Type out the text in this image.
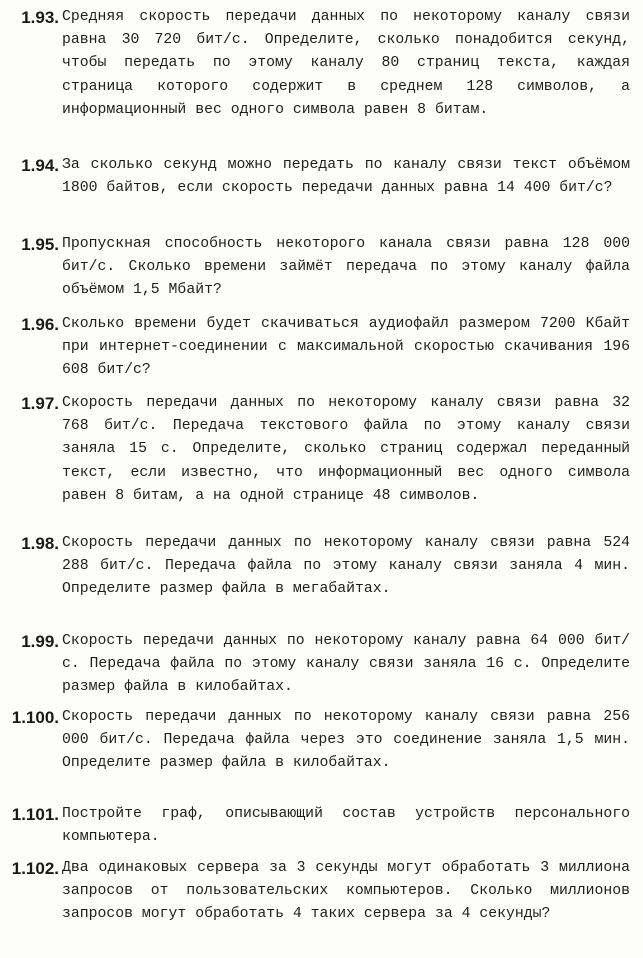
1.93. Средняя скорость передачи данных по некоторому каналу связи равна 30 720 бит/с. Определите, сколько понадобится секунд, чтобы передать по этому каналу 80 страниц текста, каждая страница которого содержит в среднем 128 символов, а информационный вес одного символа равен 8 битам.
1.94. За сколько секунд можно передать по каналу связи текст объёмом 1800 байтов, если скорость передачи данных равна 14 400 бит/с?
1.95. Пропускная способность некоторого канала связи равна 128 000 бит/с. Сколько времени займёт передача по этому каналу файла объёмом 1,5 Мбайт?
1.96. Сколько времени будет скачиваться аудиофайл размером 7200 Кбайт при интернет-соединении с максимальной скоростью скачивания 196 608 бит/с?
1.97. Скорость передачи данных по некоторому каналу связи равна 32 768 бит/с. Передача текстового файла по этому каналу связи заняла 15 с. Определите, сколько страниц содержал переданный текст, если известно, что информационный вес одного символа равен 8 битам, а на одной странице 48 символов.
1.98. Скорость передачи данных по некоторому каналу связи равна 524 288 бит/с. Передача файла по этому каналу связи заняла 4 мин. Определите размер файла в мегабайтах.
1.99. Скорость передачи данных по некоторому каналу равна 64 000 бит/с. Передача файла по этому каналу связи заняла 16 с. Определите размер файла в килобайтах.
1.100. Скорость передачи данных по некоторому каналу связи равна 256 000 бит/с. Передача файла через это соединение заняла 1,5 мин. Определите размер файла в килобайтах.
1.101. Постройте граф, описывающий состав устройств персонального компьютера.
1.102. Два одинаковых сервера за 3 секунды могут обработать 3 миллиона запросов от пользовательских компьютеров. Сколько миллионов запросов могут обработать 4 таких сервера за 4 секунды?
